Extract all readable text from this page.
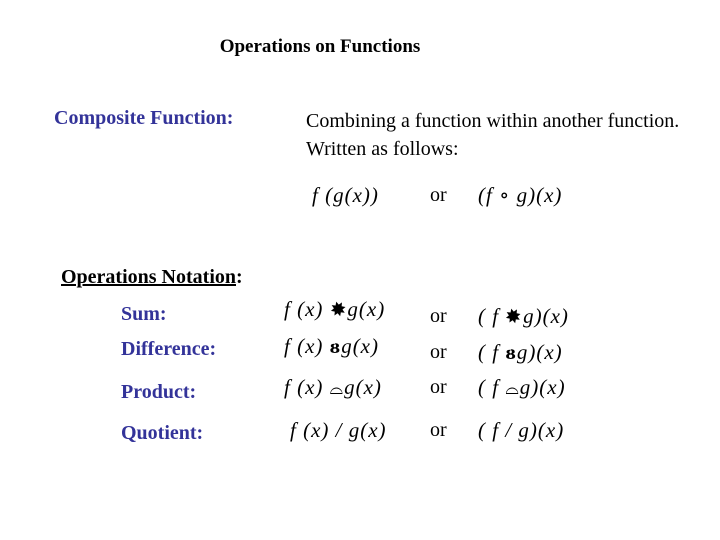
Operations on Functions
Composite Function:	Combining a function within another function. Written as follows:
f (g(x))	or (f ∘ g)(x)
Operations Notation:
Sum:	f (x) ✸g(x) or ( f ✸g)(x)
Difference:	f (x) ᴕg(x)	or ( f ᴕg)(x)
Product:	f (x) ⌓g(x) or ( f ⌓g)(x)
Quotient:	f (x) / g(x) or ( f / g)(x)
